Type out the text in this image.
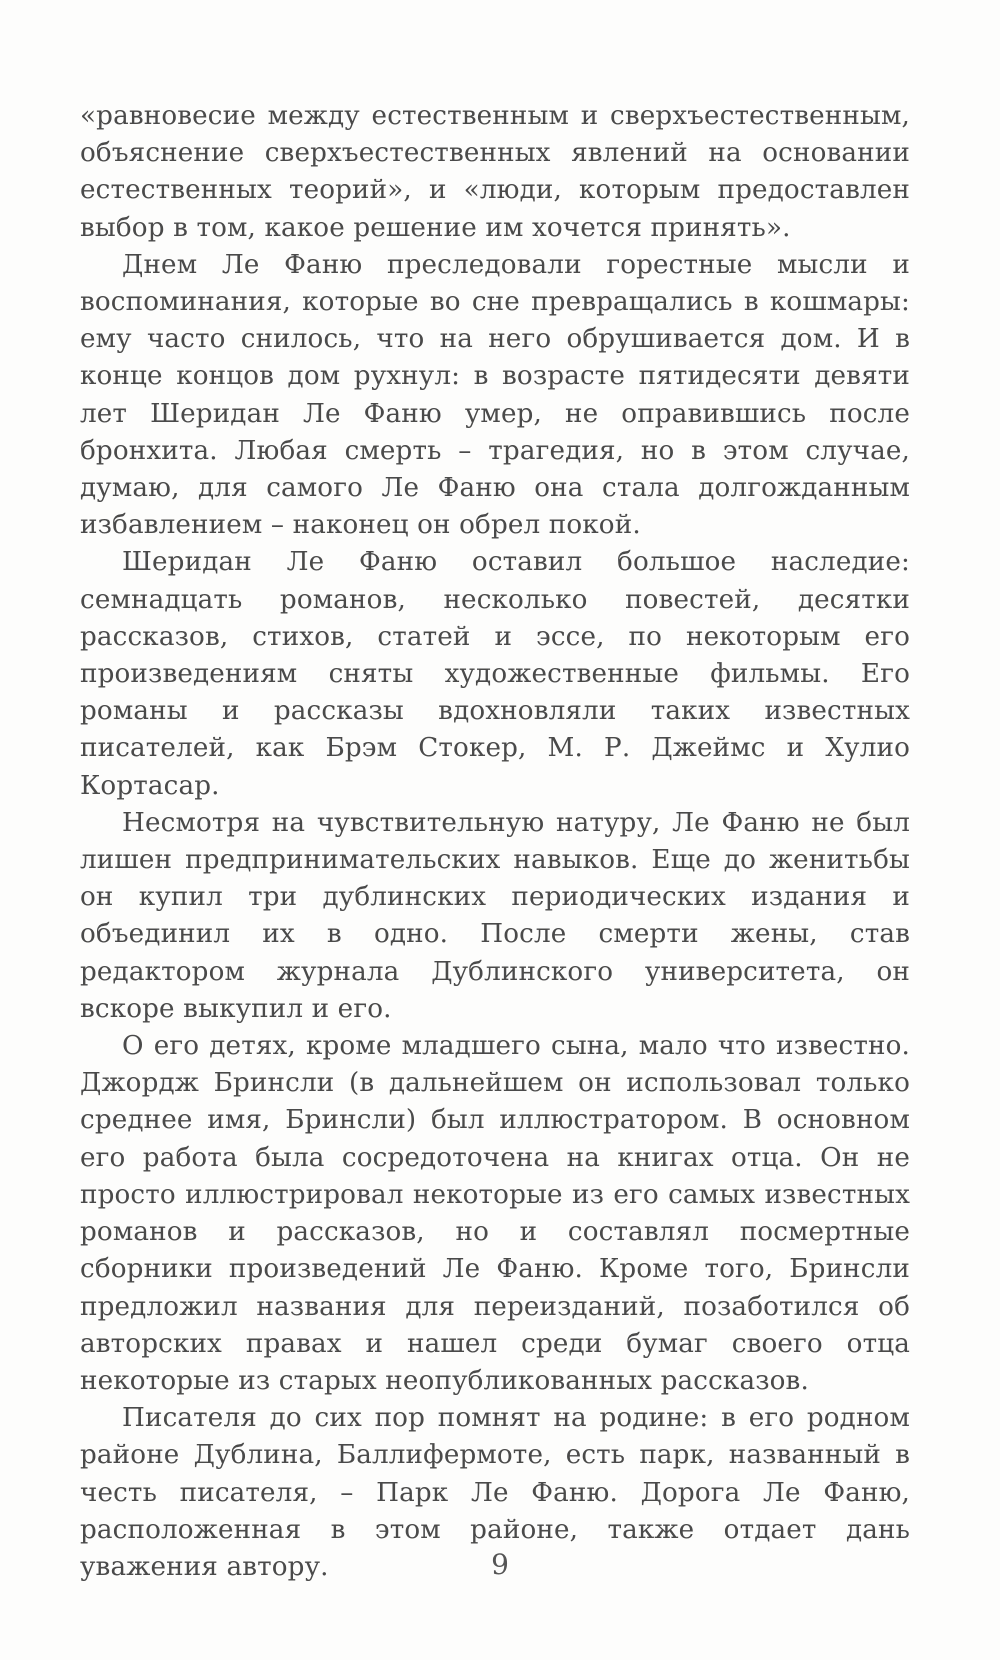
«равновесие между естественным и сверхъестественным, объяснение сверхъестественных явлений на основании естественных теорий», и «люди, которым предоставлен выбор в том, какое решение им хочется принять».

Днем Ле Фаню преследовали горестные мысли и воспоминания, которые во сне превращались в кошмары: ему часто снилось, что на него обрушивается дом. И в конце концов дом рухнул: в возрасте пятидесяти девяти лет Шеридан Ле Фаню умер, не оправившись после бронхита. Любая смерть – трагедия, но в этом случае, думаю, для самого Ле Фаню она стала долгожданным избавлением – наконец он обрел покой.

Шеридан Ле Фаню оставил большое наследие: семнадцать романов, несколько повестей, десятки рассказов, стихов, статей и эссе, по некоторым его произведениям сняты художественные фильмы. Его романы и рассказы вдохновляли таких известных писателей, как Брэм Стокер, М. Р. Джеймс и Хулио Кортасар.

Несмотря на чувствительную натуру, Ле Фаню не был лишен предпринимательских навыков. Еще до женитьбы он купил три дублинских периодических издания и объединил их в одно. После смерти жены, став редактором журнала Дублинского университета, он вскоре выкупил и его.

О его детях, кроме младшего сына, мало что известно. Джордж Бринсли (в дальнейшем он использовал только среднее имя, Бринсли) был иллюстратором. В основном его работа была сосредоточена на книгах отца. Он не просто иллюстрировал некоторые из его самых известных романов и рассказов, но и составлял посмертные сборники произведений Ле Фаню. Кроме того, Бринсли предложил названия для переизданий, позаботился об авторских правах и нашел среди бумаг своего отца некоторые из старых неопубликованных рассказов.

Писателя до сих пор помнят на родине: в его родном районе Дублина, Баллифермоте, есть парк, названный в честь писателя, – Парк Ле Фаню. Дорога Ле Фаню, расположенная в этом районе, также отдает дань уважения автору.	9
